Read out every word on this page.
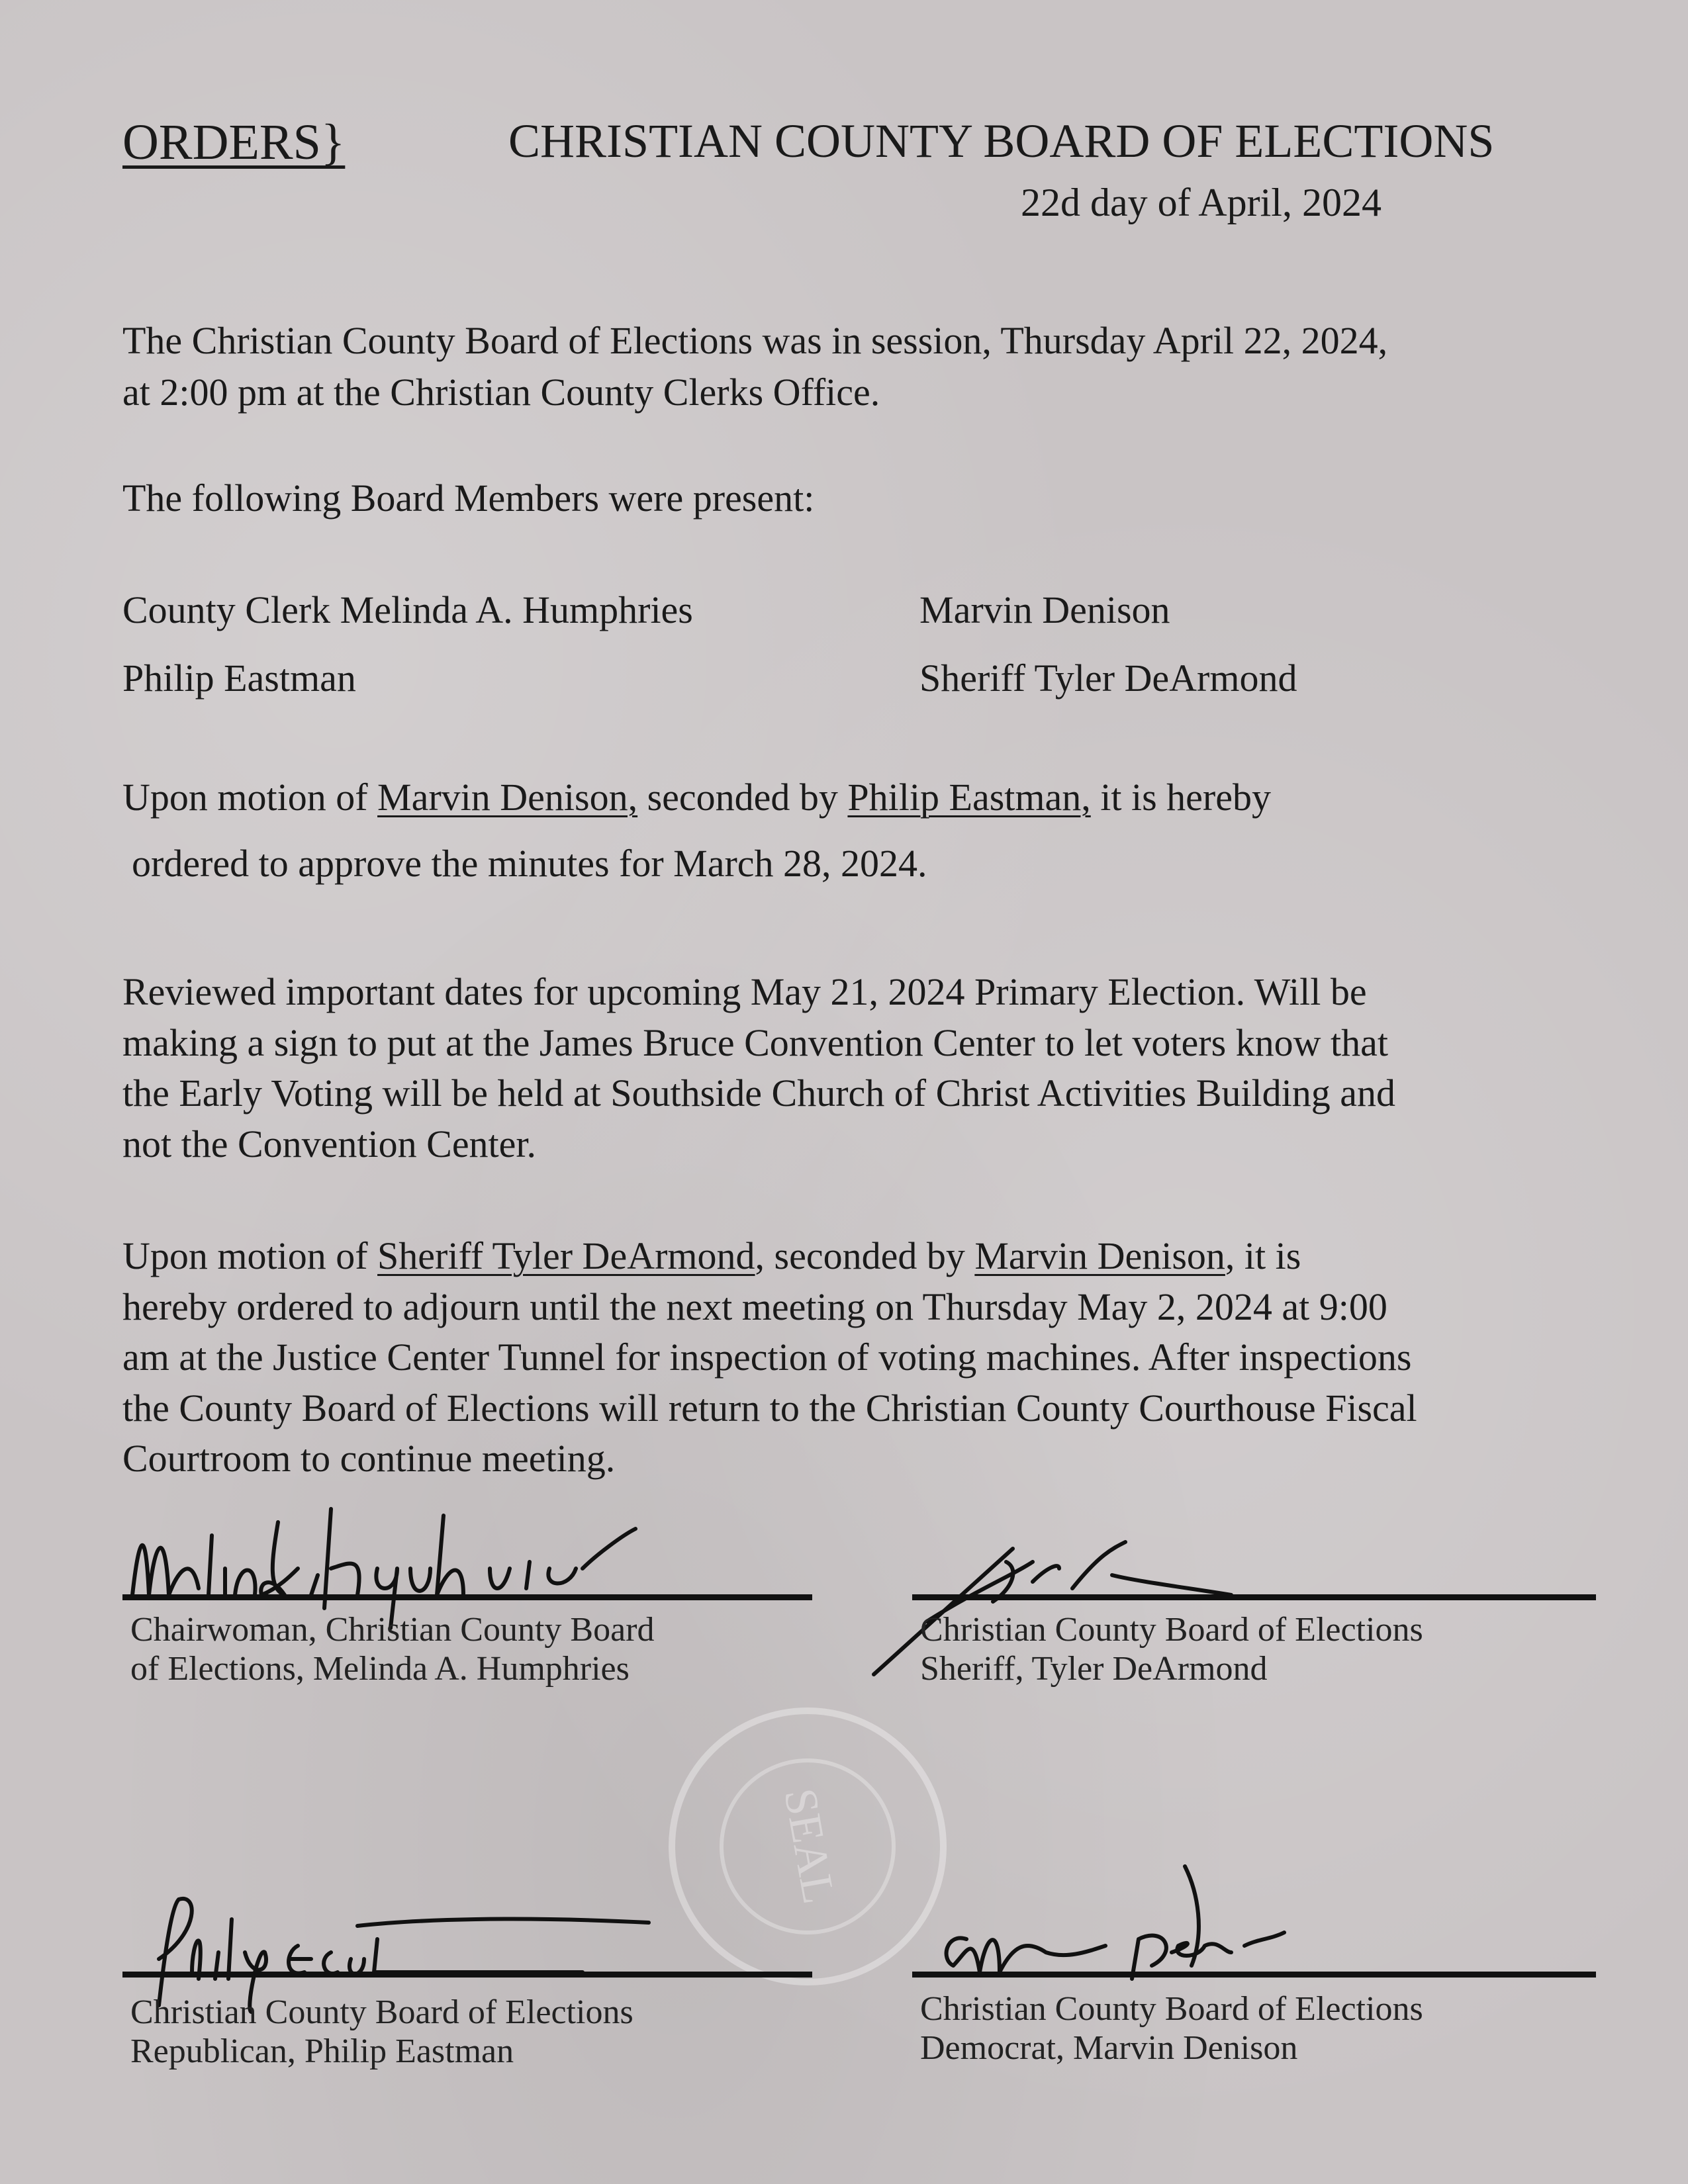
ORDERS}	CHRISTIAN COUNTY BOARD OF ELECTIONS
22d day of April, 2024
The Christian County Board of Elections was in session, Thursday April 22, 2024,
at 2:00 pm at the Christian County Clerks Office.
The following Board Members were present:
County Clerk Melinda A. Humphries	Marvin Denison
Philip Eastman	Sheriff Tyler DeArmond
Upon motion of Marvin Denison, seconded by Philip Eastman, it is hereby
ordered to approve the minutes for March 28, 2024.
Reviewed important dates for upcoming May 21, 2024 Primary Election. Will be
making a sign to put at the James Bruce Convention Center to let voters know that
the Early Voting will be held at Southside Church of Christ Activities Building and
not the Convention Center.
Upon motion of Sheriff Tyler DeArmond, seconded by Marvin Denison, it is
hereby ordered to adjourn until the next meeting on Thursday May 2, 2024 at 9:00
am at the Justice Center Tunnel for inspection of voting machines. After inspections
the County Board of Elections will return to the Christian County Courthouse Fiscal
Courtroom to continue meeting.
SEAL
Chairwoman, Christian County Board
of Elections, Melinda A. Humphries
Christian County Board of Elections
Sheriff, Tyler DeArmond
Christian County Board of Elections
Republican, Philip Eastman
Christian County Board of Elections
Democrat, Marvin Denison
